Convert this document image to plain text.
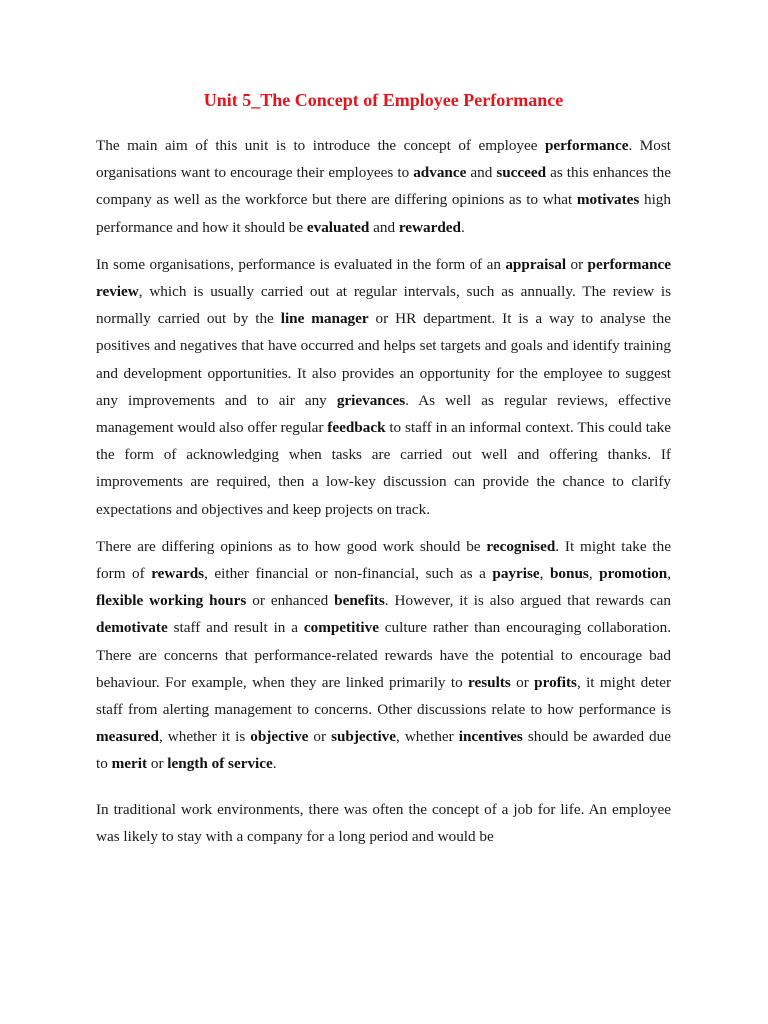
Unit 5_The Concept of Employee Performance

The main aim of this unit is to introduce the concept of employee performance. Most organisations want to encourage their employees to advance and succeed as this enhances the company as well as the workforce but there are differing opinions as to what motivates high performance and how it should be evaluated and rewarded.

In some organisations, performance is evaluated in the form of an appraisal or performance review, which is usually carried out at regular intervals, such as annually. The review is normally carried out by the line manager or HR department. It is a way to analyse the positives and negatives that have occurred and helps set targets and goals and identify training and development opportunities. It also provides an opportunity for the employee to suggest any improvements and to air any grievances. As well as regular reviews, effective management would also offer regular feedback to staff in an informal context. This could take the form of acknowledging when tasks are carried out well and offering thanks. If improvements are required, then a low-key discussion can provide the chance to clarify expectations and objectives and keep projects on track.

There are differing opinions as to how good work should be recognised. It might take the form of rewards, either financial or non-financial, such as a payrise, bonus, promotion, flexible working hours or enhanced benefits. However, it is also argued that rewards can demotivate staff and result in a competitive culture rather than encouraging collaboration. There are concerns that performance-related rewards have the potential to encourage bad behaviour. For example, when they are linked primarily to results or profits, it might deter staff from alerting management to concerns. Other discussions relate to how performance is measured, whether it is objective or subjective, whether incentives should be awarded due to merit or length of service.

In traditional work environments, there was often the concept of a job for life. An employee was likely to stay with a company for a long period and would be
